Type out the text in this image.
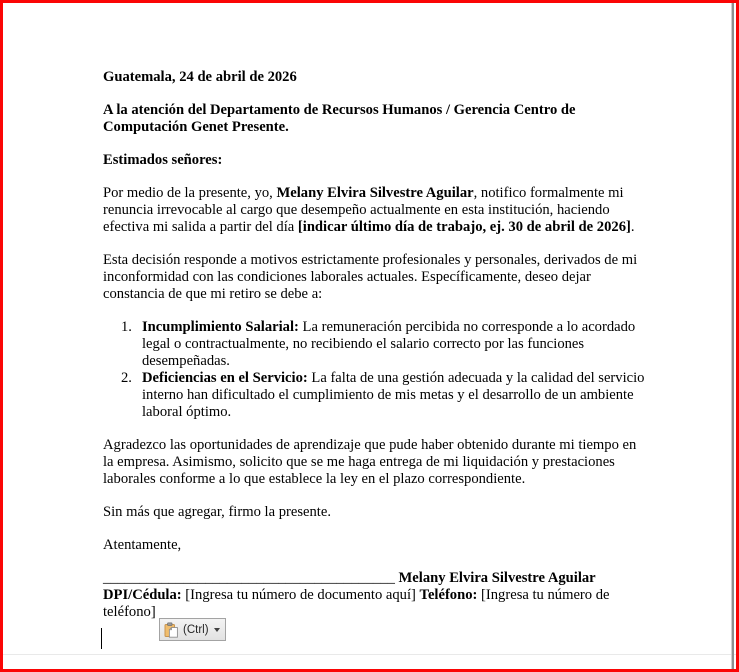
Guatemala, 24 de abril de 2026

A la atención del Departamento de Recursos Humanos / Gerencia Centro de Computación Genet Presente.

Estimados señores:

Por medio de la presente, yo, Melany Elvira Silvestre Aguilar, notifico formalmente mi renuncia irrevocable al cargo que desempeño actualmente en esta institución, haciendo efectiva mi salida a partir del día [indicar último día de trabajo, ej. 30 de abril de 2026].

Esta decisión responde a motivos estrictamente profesionales y personales, derivados de mi inconformidad con las condiciones laborales actuales. Específicamente, deseo dejar constancia de que mi retiro se debe a:

1. Incumplimiento Salarial: La remuneración percibida no corresponde a lo acordado legal o contractualmente, no recibiendo el salario correcto por las funciones desempeñadas.
2. Deficiencias en el Servicio: La falta de una gestión adecuada y la calidad del servicio interno han dificultado el cumplimiento de mis metas y el desarrollo de un ambiente laboral óptimo.

Agradezco las oportunidades de aprendizaje que pude haber obtenido durante mi tiempo en la empresa. Asimismo, solicito que se me haga entrega de mi liquidación y prestaciones laborales conforme a lo que establece la ley en el plazo correspondiente.

Sin más que agregar, firmo la presente.

Atentamente,

________________________________________ Melany Elvira Silvestre Aguilar DPI/Cédula: [Ingresa tu número de documento aquí] Teléfono: [Ingresa tu número de teléfono]

(Ctrl)
